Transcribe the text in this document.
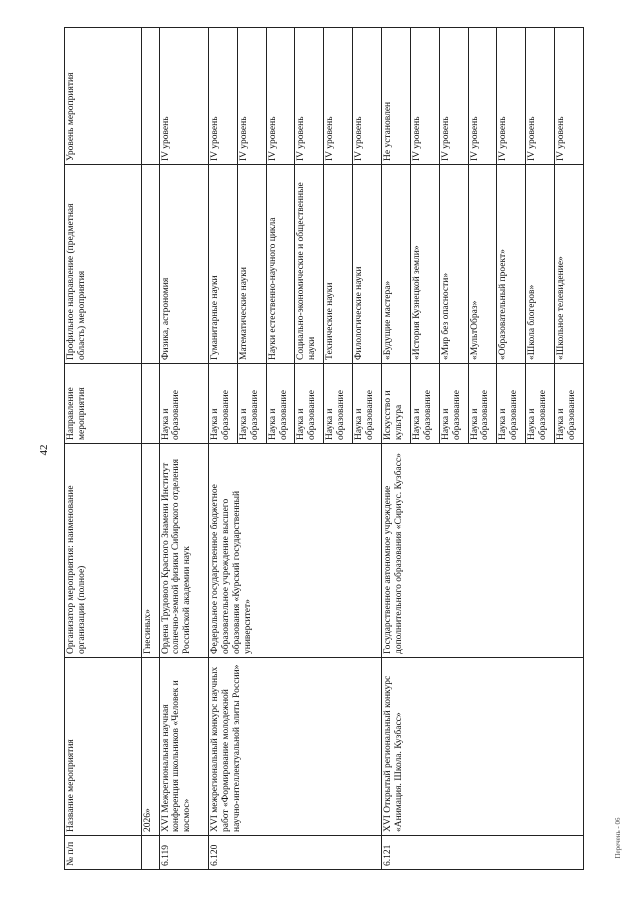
42
Перечень - 06
№ п/п	Название мероприятия	Организатор мероприятия: наименование организации (полное)	Направление мероприятия	Профильное направление (предметная область) мероприятия	Уровень мероприятия
	2026»	Гнесиных»			
6.119	XVI Межрегиональная научная конференция школьников «Человек и космос»	Ордена Трудового Красного Знамени Институт солнечно-земной физики Сибирского отделения Российской академии наук	Наука и образование	Физика, астрономия	IV уровень
6.120	XVI межрегиональный конкурс научных работ «Формирование молодежной научно-интеллектуальной элиты России»	Федеральное государственное бюджетное образовательное учреждение высшего образования «Курский государственный университет»	Наука и образование	Гуманитарные науки	IV уровень
			Наука и образование	Математические науки	IV уровень
			Наука и образование	Науки естественно-научного цикла	IV уровень
			Наука и образование	Социально-экономические и общественные науки	IV уровень
			Наука и образование	Технические науки	IV уровень
			Наука и образование	Филологические науки	IV уровень
6.121	XVI Открытый региональный конкурс «Анимация. Школа. Кузбасс»	Государственное автономное учреждение дополнительного образования «Сириус. Кузбасс»	Искусство и культура	«Будущие мастера»	Не установлен
			Наука и образование	«История Кузнецкой земли»	IV уровень
			Наука и образование	«Мир без опасности»	IV уровень
			Наука и образование	«МультОбраз»	IV уровень
			Наука и образование	«Образовательный проект»	IV уровень
			Наука и образование	«Школа блогеров»	IV уровень
			Наука и образование	«Школьное телевидение»	IV уровень
